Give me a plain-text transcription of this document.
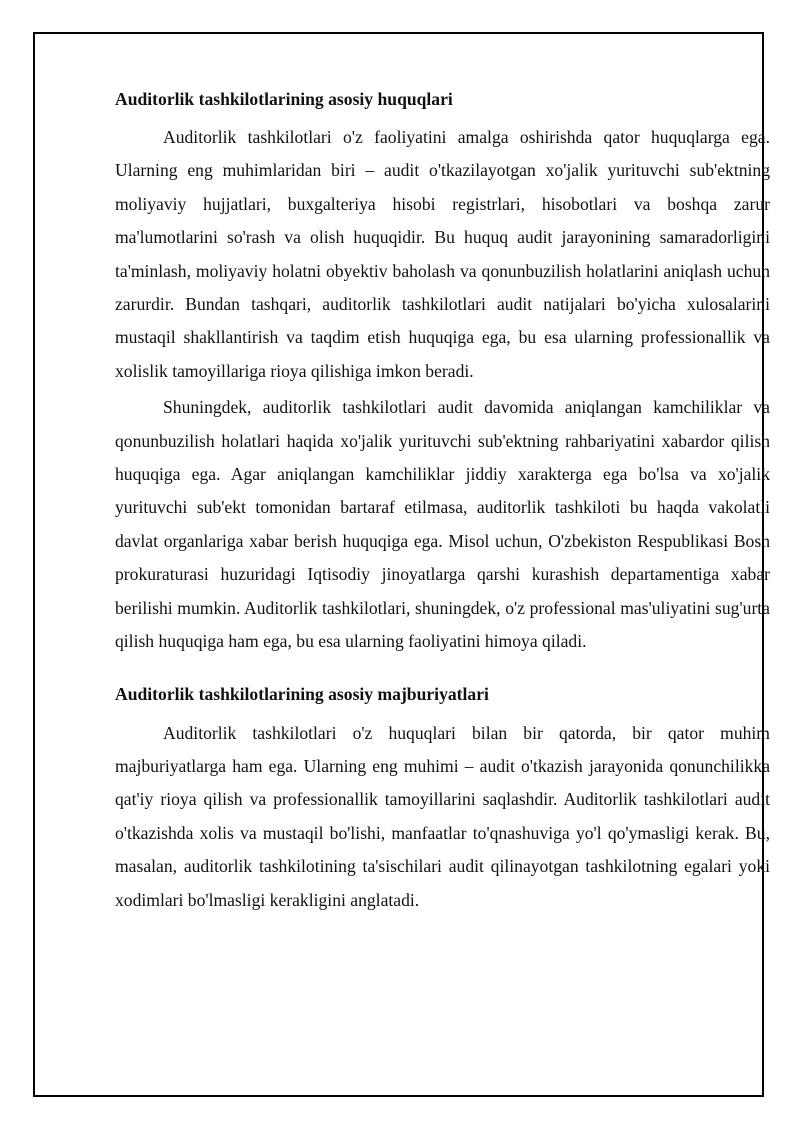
Auditorlik tashkilotlarining asosiy huquqlari

Auditorlik tashkilotlari o'z faoliyatini amalga oshirishda qator huquqlarga ega. Ularning eng muhimlaridan biri – audit o'tkazilayotgan xo'jalik yurituvchi sub'ektning moliyaviy hujjatlari, buxgalteriya hisobi registrlari, hisobotlari va boshqa zarur ma'lumotlarini so'rash va olish huquqidir. Bu huquq audit jarayonining samaradorligini ta'minlash, moliyaviy holatni obyektiv baholash va qonunbuzilish holatlarini aniqlash uchun zarurdir. Bundan tashqari, auditorlik tashkilotlari audit natijalari bo'yicha xulosalarini mustaqil shakllantirish va taqdim etish huquqiga ega, bu esa ularning professionallik va xolislik tamoyillariga rioya qilishiga imkon beradi.

Shuningdek, auditorlik tashkilotlari audit davomida aniqlangan kamchiliklar va qonunbuzilish holatlari haqida xo'jalik yurituvchi sub'ektning rahbariyatini xabardor qilish huquqiga ega. Agar aniqlangan kamchiliklar jiddiy xarakterga ega bo'lsa va xo'jalik yurituvchi sub'ekt tomonidan bartaraf etilmasa, auditorlik tashkiloti bu haqda vakolatli davlat organlariga xabar berish huquqiga ega. Misol uchun, O'zbekiston Respublikasi Bosh prokuraturasi huzuridagi Iqtisodiy jinoyatlarga qarshi kurashish departamentiga xabar berilishi mumkin. Auditorlik tashkilotlari, shuningdek, o'z professional mas'uliyatini sug'urta qilish huquqiga ham ega, bu esa ularning faoliyatini himoya qiladi.

Auditorlik tashkilotlarining asosiy majburiyatlari

Auditorlik tashkilotlari o'z huquqlari bilan bir qatorda, bir qator muhim majburiyatlarga ham ega. Ularning eng muhimi – audit o'tkazish jarayonida qonunchilikka qat'iy rioya qilish va professionallik tamoyillarini saqlashdir. Auditorlik tashkilotlari audit o'tkazishda xolis va mustaqil bo'lishi, manfaatlar to'qnashuviga yo'l qo'ymasligi kerak. Bu, masalan, auditorlik tashkilotining ta'sischilari audit qilinayotgan tashkilotning egalari yoki xodimlari bo'lmasligi kerakligini anglatadi.
